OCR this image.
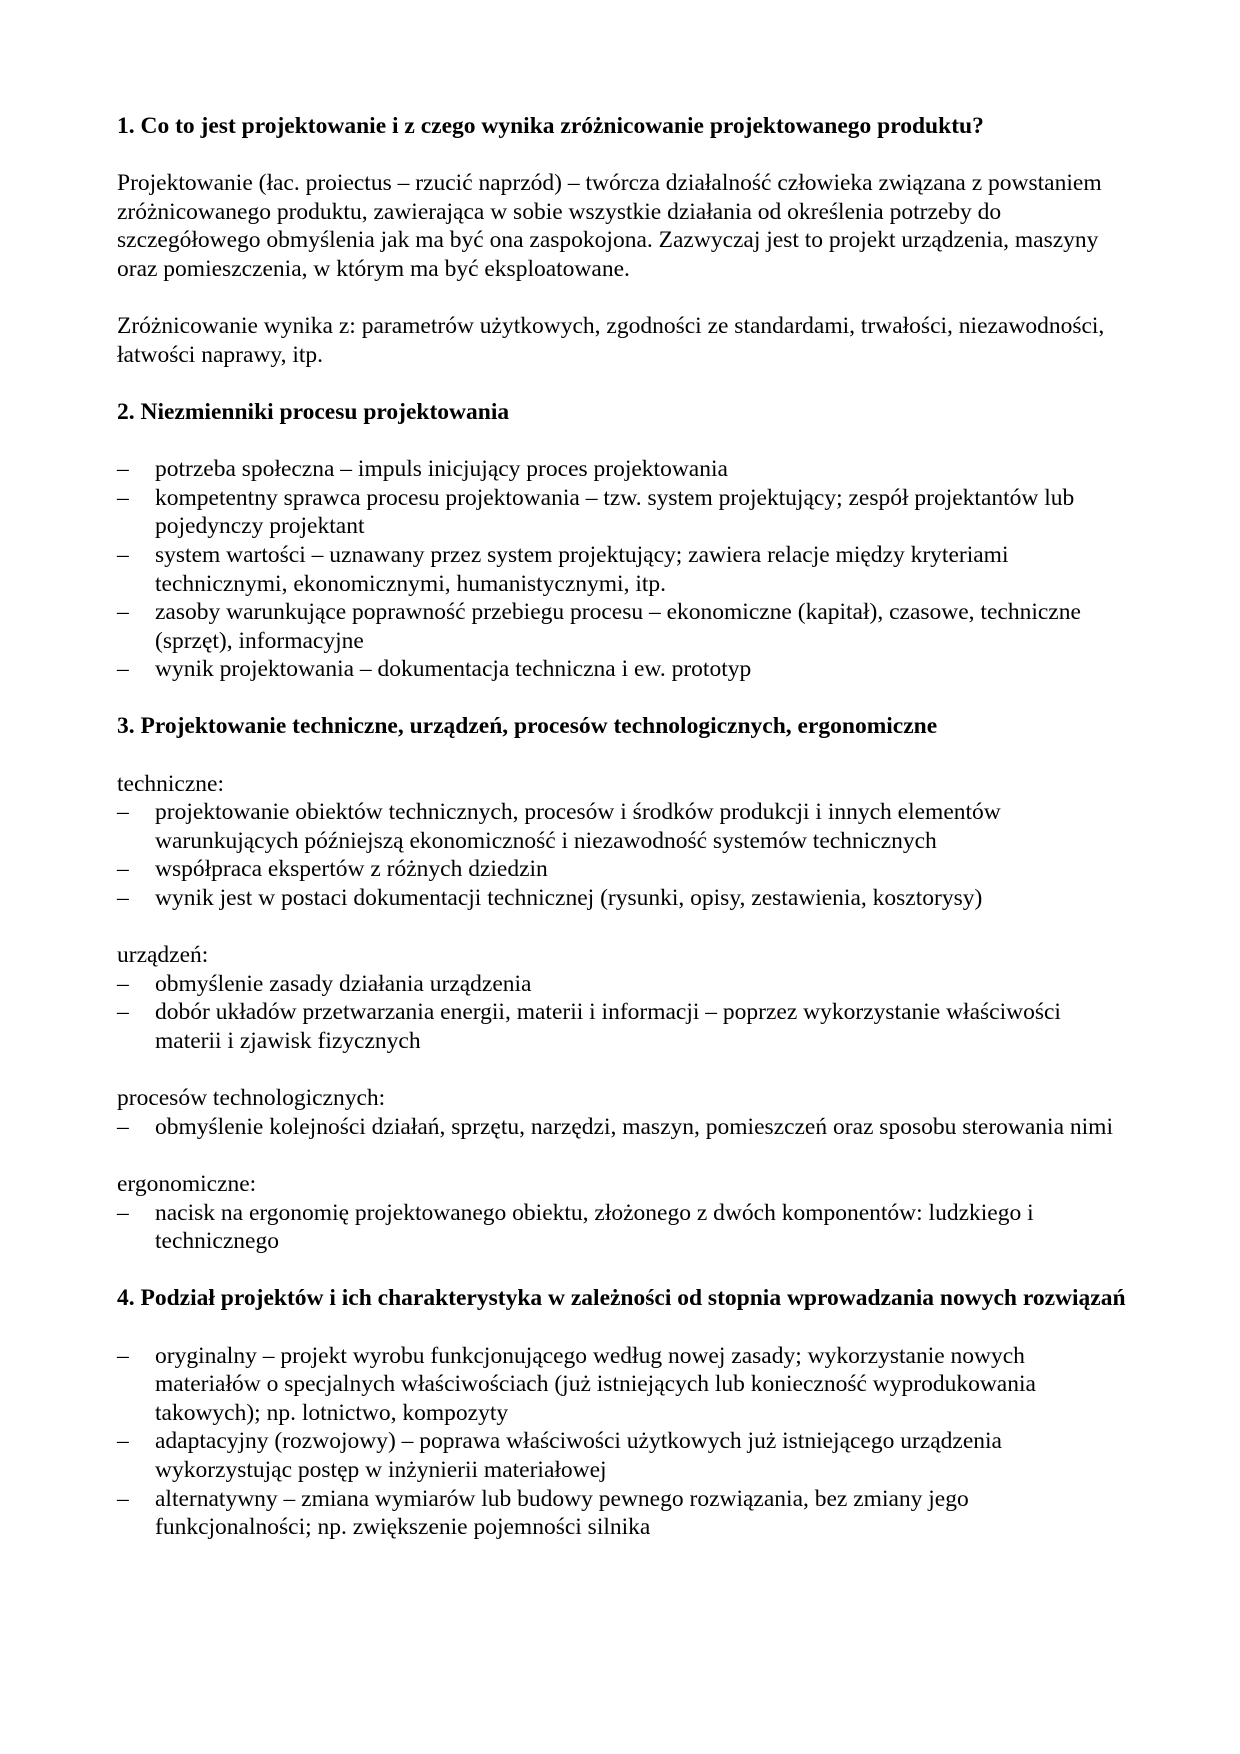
1. Co to jest projektowanie i z czego wynika zróżnicowanie projektowanego produktu?

Projektowanie (łac. proiectus – rzucić naprzód) – twórcza działalność człowieka związana z powstaniem zróżnicowanego produktu, zawierająca w sobie wszystkie działania od określenia potrzeby do szczegółowego obmyślenia jak ma być ona zaspokojona. Zazwyczaj jest to projekt urządzenia, maszyny oraz pomieszczenia, w którym ma być eksploatowane.

Zróżnicowanie wynika z: parametrów użytkowych, zgodności ze standardami, trwałości, niezawodności, łatwości naprawy, itp.

2. Niezmienniki procesu projektowania
– potrzeba społeczna – impuls inicjujący proces projektowania
– kompetentny sprawca procesu projektowania – tzw. system projektujący; zespół projektantów lub pojedynczy projektant
– system wartości – uznawany przez system projektujący; zawiera relacje między kryteriami technicznymi, ekonomicznymi, humanistycznymi, itp.
– zasoby warunkujące poprawność przebiegu procesu – ekonomiczne (kapitał), czasowe, techniczne (sprzęt), informacyjne
– wynik projektowania – dokumentacja techniczna i ew. prototyp
3. Projektowanie techniczne, urządzeń, procesów technologicznych, ergonomiczne
techniczne:
– projektowanie obiektów technicznych, procesów i środków produkcji i innych elementów warunkujących późniejszą ekonomiczność i niezawodność systemów technicznych
– współpraca ekspertów z różnych dziedzin
– wynik jest w postaci dokumentacji technicznej (rysunki, opisy, zestawienia, kosztorysy)
urządzeń:
– obmyślenie zasady działania urządzenia
– dobór układów przetwarzania energii, materii i informacji – poprzez wykorzystanie właściwości materii i zjawisk fizycznych
procesów technologicznych:
– obmyślenie kolejności działań, sprzętu, narzędzi, maszyn, pomieszczeń oraz sposobu sterowania nimi
ergonomiczne:
– nacisk na ergonomię projektowanego obiektu, złożonego z dwóch komponentów: ludzkiego i technicznego
4. Podział projektów i ich charakterystyka w zależności od stopnia wprowadzania nowych rozwiązań
– oryginalny – projekt wyrobu funkcjonującego według nowej zasady; wykorzystanie nowych materiałów o specjalnych właściwościach (już istniejących lub konieczność wyprodukowania takowych); np. lotnictwo, kompozyty
– adaptacyjny (rozwojowy) – poprawa właściwości użytkowych już istniejącego urządzenia wykorzystując postęp w inżynierii materiałowej
– alternatywny – zmiana wymiarów lub budowy pewnego rozwiązania, bez zmiany jego funkcjonalności; np. zwiększenie pojemności silnika
